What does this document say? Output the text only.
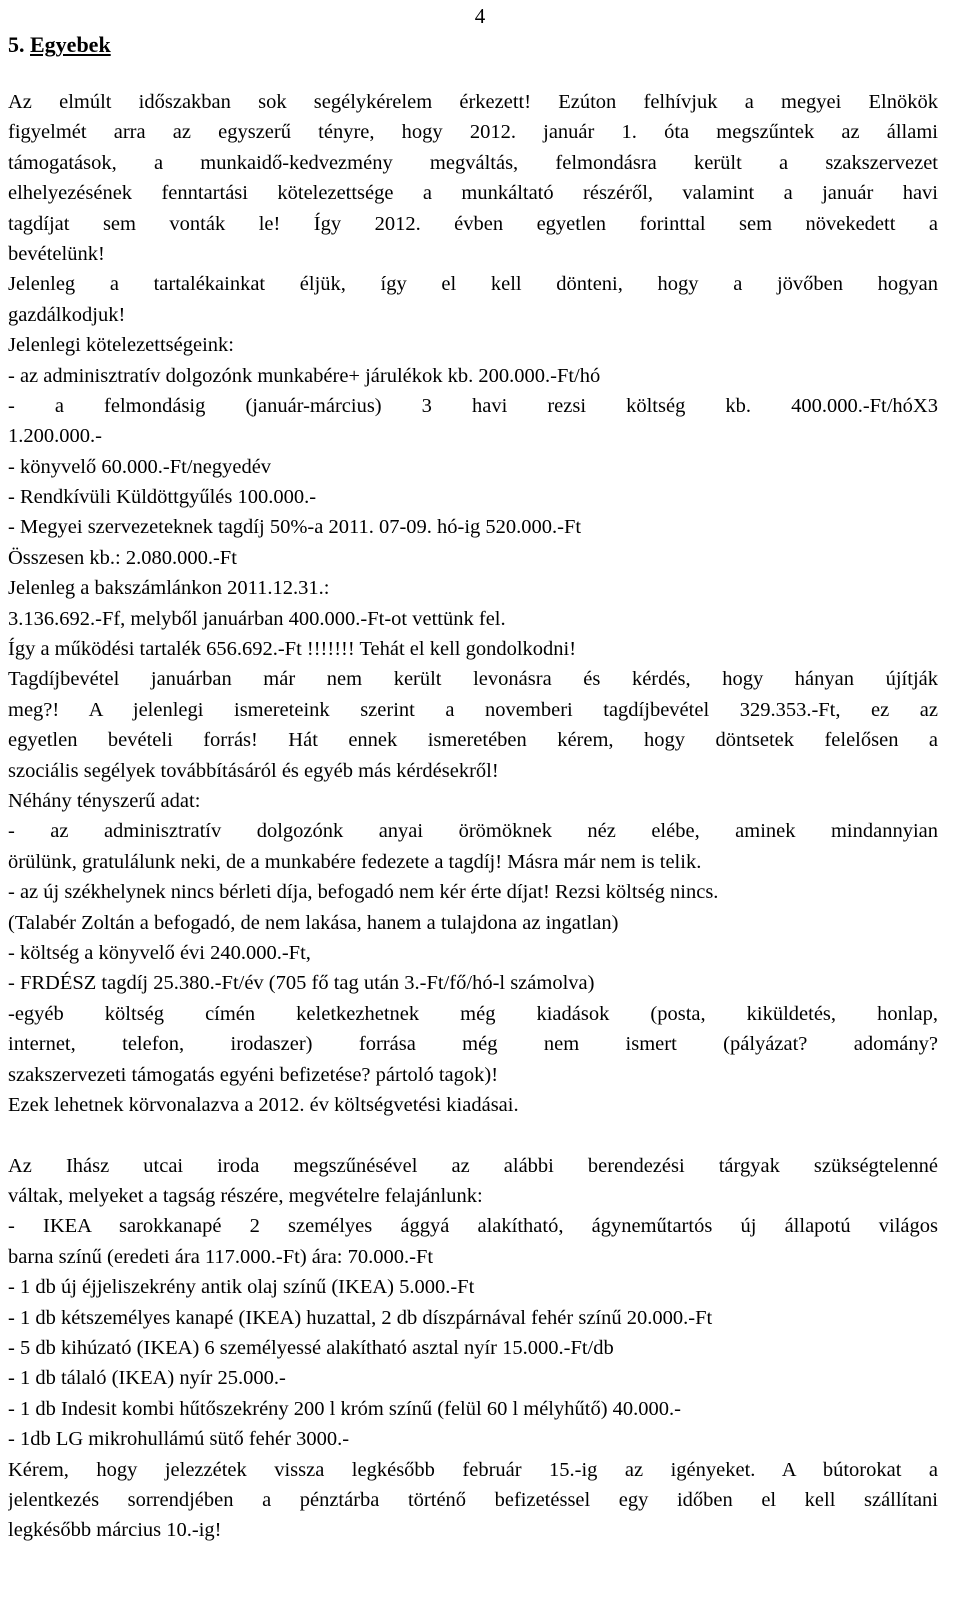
4
5. Egyebek
Az elmúlt időszakban sok segélykérelem érkezett! Ezúton felhívjuk a megyei Elnökök
figyelmét arra az egyszerű tényre, hogy 2012. január 1. óta megszűntek az állami
támogatások, a munkaidő-kedvezmény megváltás, felmondásra került a szakszervezet
elhelyezésének fenntartási kötelezettsége a munkáltató részéről, valamint a január havi
tagdíjat sem vonták le! Így 2012. évben egyetlen forinttal sem növekedett a
bevételünk!
Jelenleg a tartalékainkat éljük, így el kell dönteni, hogy a jövőben hogyan
gazdálkodjuk!
Jelenlegi kötelezettségeink:
- az adminisztratív dolgozónk munkabére+ járulékok kb. 200.000.-Ft/hó
- a felmondásig (január-március) 3 havi rezsi költség kb. 400.000.-Ft/hóX3
1.200.000.-
- könyvelő 60.000.-Ft/negyedév
- Rendkívüli Küldöttgyűlés 100.000.-
- Megyei szervezeteknek tagdíj 50%-a 2011. 07-09. hó-ig 520.000.-Ft
Összesen kb.: 2.080.000.-Ft
Jelenleg a bakszámlánkon 2011.12.31.:
3.136.692.-Ff, melyből januárban 400.000.-Ft-ot vettünk fel.
Így a működési tartalék 656.692.-Ft !!!!!!! Tehát el kell gondolkodni!
Tagdíjbevétel januárban már nem került levonásra és kérdés, hogy hányan újítják
meg?! A jelenlegi ismereteink szerint a novemberi tagdíjbevétel 329.353.-Ft, ez az
egyetlen bevételi forrás! Hát ennek ismeretében kérem, hogy döntsetek felelősen a
szociális segélyek továbbításáról és egyéb más kérdésekről!
Néhány tényszerű adat:
- az adminisztratív dolgozónk anyai örömöknek néz elébe, aminek mindannyian
örülünk, gratulálunk neki, de a munkabére fedezete a tagdíj! Másra már nem is telik.
- az új székhelynek nincs bérleti díja, befogadó nem kér érte díjat! Rezsi költség nincs.
(Talabér Zoltán a befogadó, de nem lakása, hanem a tulajdona az ingatlan)
- költség a könyvelő évi 240.000.-Ft,
- FRDÉSZ tagdíj 25.380.-Ft/év (705 fő tag után 3.-Ft/fő/hó-l számolva)
-egyéb költség címén keletkezhetnek még kiadások (posta, kiküldetés, honlap,
internet, telefon, irodaszer) forrása még nem ismert (pályázat? adomány?
szakszervezeti támogatás egyéni befizetése? pártoló tagok)!
Ezek lehetnek körvonalazva a 2012. év költségvetési kiadásai.
Az Ihász utcai iroda megszűnésével az alábbi berendezési tárgyak szükségtelenné
váltak, melyeket a tagság részére, megvételre felajánlunk:
- IKEA sarokkanapé 2 személyes ággyá alakítható, ágyneműtartós új állapotú világos
barna színű (eredeti ára 117.000.-Ft) ára: 70.000.-Ft
- 1 db új éjjeliszekrény antik olaj színű (IKEA) 5.000.-Ft
- 1 db kétszemélyes kanapé (IKEA) huzattal, 2 db díszpárnával fehér színű 20.000.-Ft
- 5 db kihúzató (IKEA) 6 személyessé alakítható asztal nyír 15.000.-Ft/db
- 1 db tálaló (IKEA) nyír 25.000.-
- 1 db Indesit kombi hűtőszekrény 200 l króm színű (felül 60 l mélyhűtő) 40.000.-
- 1db LG mikrohullámú sütő fehér 3000.-
Kérem, hogy jelezzétek vissza legkésőbb február 15.-ig az igényeket. A bútorokat a
jelentkezés sorrendjében a pénztárba történő befizetéssel egy időben el kell szállítani
legkésőbb március 10.-ig!
